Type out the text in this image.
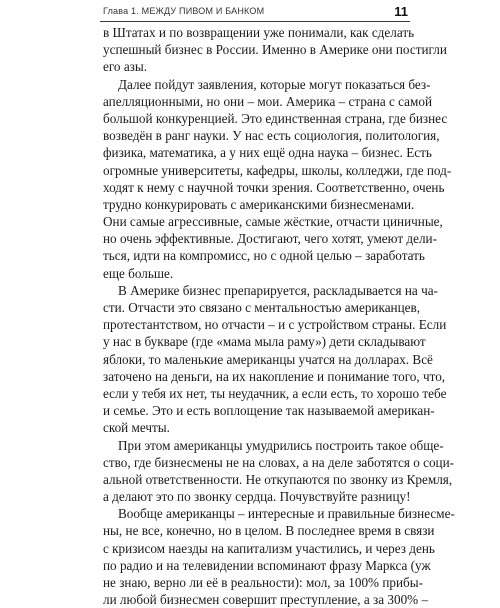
Глава 1. МЕЖДУ ПИВОМ И БАНКОМ	11
в Штатах и по возвращении уже понимали, как сделать
успешный бизнес в России. Именно в Америке они постигли
его азы.
Далее пойдут заявления, которые могут показаться без-
апелляционными, но они – мои. Америка – страна с самой
большой конкуренцией. Это единственная страна, где бизнес
возведён в ранг науки. У нас есть социология, политология,
физика, математика, а у них ещё одна наука – бизнес. Есть
огромные университеты, кафедры, школы, колледжи, где под-
ходят к нему с научной точки зрения. Соответственно, очень
трудно конкурировать с американскими бизнесменами.
Они самые агрессивные, самые жёсткие, отчасти циничные,
но очень эффективные. Достигают, чего хотят, умеют дели-
ться, идти на компромисс, но с одной целью – заработать
еще больше.
В Америке бизнес препарируется, раскладывается на ча-
сти. Отчасти это связано с ментальностью американцев,
протестантством, но отчасти – и с устройством страны. Если
у нас в букваре (где «мама мыла раму») дети складывают
яблоки, то маленькие американцы учатся на долларах. Всё
заточено на деньги, на их накопление и понимание того, что,
если у тебя их нет, ты неудачник, а если есть, то хорошо тебе
и семье. Это и есть воплощение так называемой американ-
ской мечты.
При этом американцы умудрились построить такое обще-
ство, где бизнесмены не на словах, а на деле заботятся о соци-
альной ответственности. Не откупаются по звонку из Кремля,
а делают это по звонку сердца. Почувствуйте разницу!
Вообще американцы – интересные и правильные бизнесме-
ны, не все, конечно, но в целом. В последнее время в связи
с кризисом наезды на капитализм участились, и через день
по радио и на телевидении вспоминают фразу Маркса (уж
не знаю, верно ли её в реальности): мол, за 100% прибы-
ли любой бизнесмен совершит преступление, а за 300% –
